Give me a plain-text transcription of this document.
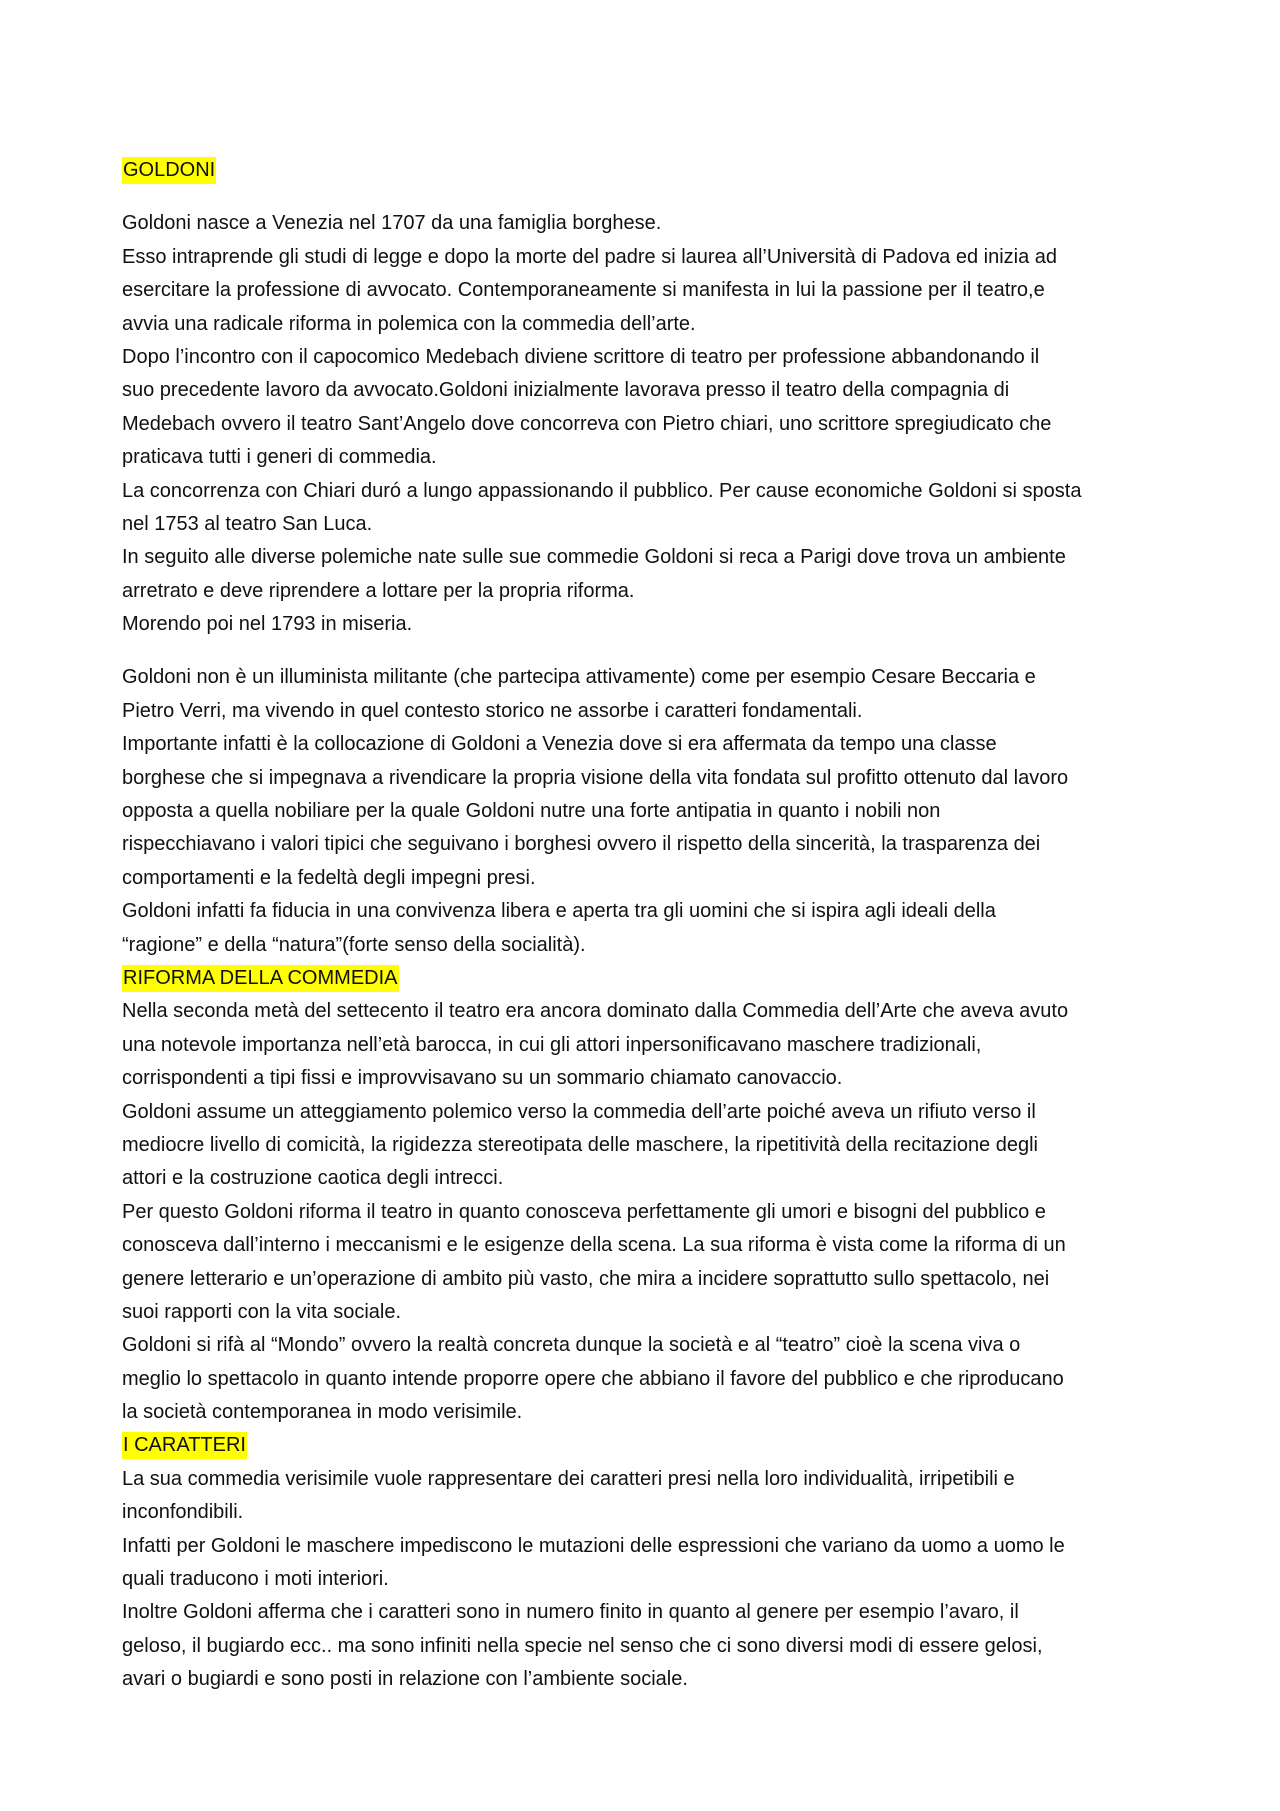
GOLDONI
Goldoni nasce a Venezia nel 1707 da una famiglia borghese.
Esso intraprende gli studi di legge e dopo la morte del padre si laurea all’Università di Padova ed inizia ad
esercitare la professione di avvocato. Contemporaneamente si manifesta in lui la passione per il teatro,e
avvia una radicale riforma in polemica con la commedia dell’arte.
Dopo l’incontro con il capocomico Medebach diviene scrittore di teatro per professione abbandonando il
suo precedente lavoro da avvocato.Goldoni inizialmente lavorava presso il teatro della compagnia di
Medebach ovvero il teatro Sant’Angelo dove concorreva con Pietro chiari, uno scrittore spregiudicato che
praticava tutti i generi di commedia.
La concorrenza con Chiari duró a lungo appassionando il pubblico. Per cause economiche Goldoni si sposta
nel 1753 al teatro San Luca.
In seguito alle diverse polemiche nate sulle sue commedie Goldoni si reca a Parigi dove trova un ambiente
arretrato e deve riprendere a lottare per la propria riforma.
Morendo poi nel 1793 in miseria.
Goldoni non è un illuminista militante (che partecipa attivamente) come per esempio Cesare Beccaria e
Pietro Verri, ma vivendo in quel contesto storico ne assorbe i caratteri fondamentali.
Importante infatti è la collocazione di Goldoni a Venezia dove si era affermata da tempo una classe
borghese che si impegnava a rivendicare la propria visione della vita fondata sul profitto ottenuto dal lavoro
opposta a quella nobiliare per la quale Goldoni nutre una forte antipatia in quanto i nobili non
rispecchiavano i valori tipici che seguivano i borghesi ovvero il rispetto della sincerità, la trasparenza dei
comportamenti e la fedeltà degli impegni presi.
Goldoni infatti fa fiducia in una convivenza libera e aperta tra gli uomini che si ispira agli ideali della
“ragione” e della “natura”(forte senso della socialità).
RIFORMA DELLA COMMEDIA
Nella seconda metà del settecento il teatro era ancora dominato dalla Commedia dell’Arte che aveva avuto
una notevole importanza nell’età barocca, in cui gli attori inpersonificavano maschere tradizionali,
corrispondenti a tipi fissi e improvvisavano su un sommario chiamato canovaccio.
Goldoni assume un atteggiamento polemico verso la commedia dell’arte poiché aveva un rifiuto verso il
mediocre livello di comicità, la rigidezza stereotipata delle maschere, la ripetitività della recitazione degli
attori e la costruzione caotica degli intrecci.
Per questo Goldoni riforma il teatro in quanto conosceva perfettamente gli umori e bisogni del pubblico e
conosceva dall’interno i meccanismi e le esigenze della scena. La sua riforma è vista come la riforma di un
genere letterario e un’operazione di ambito più vasto, che mira a incidere soprattutto sullo spettacolo, nei
suoi rapporti con la vita sociale.
Goldoni si rifà al “Mondo” ovvero la realtà concreta dunque la società e al “teatro” cioè la scena viva o
meglio lo spettacolo in quanto intende proporre opere che abbiano il favore del pubblico e che riproducano
la società contemporanea in modo verisimile.
I CARATTERI
La sua commedia verisimile vuole rappresentare dei caratteri presi nella loro individualità, irripetibili e
inconfondibili.
Infatti per Goldoni le maschere impediscono le mutazioni delle espressioni che variano da uomo a uomo le
quali traducono i moti interiori.
Inoltre Goldoni afferma che i caratteri sono in numero finito in quanto al genere per esempio l’avaro, il
geloso, il bugiardo ecc.. ma sono infiniti nella specie nel senso che ci sono diversi modi di essere gelosi,
avari o bugiardi e sono posti in relazione con l’ambiente sociale.
